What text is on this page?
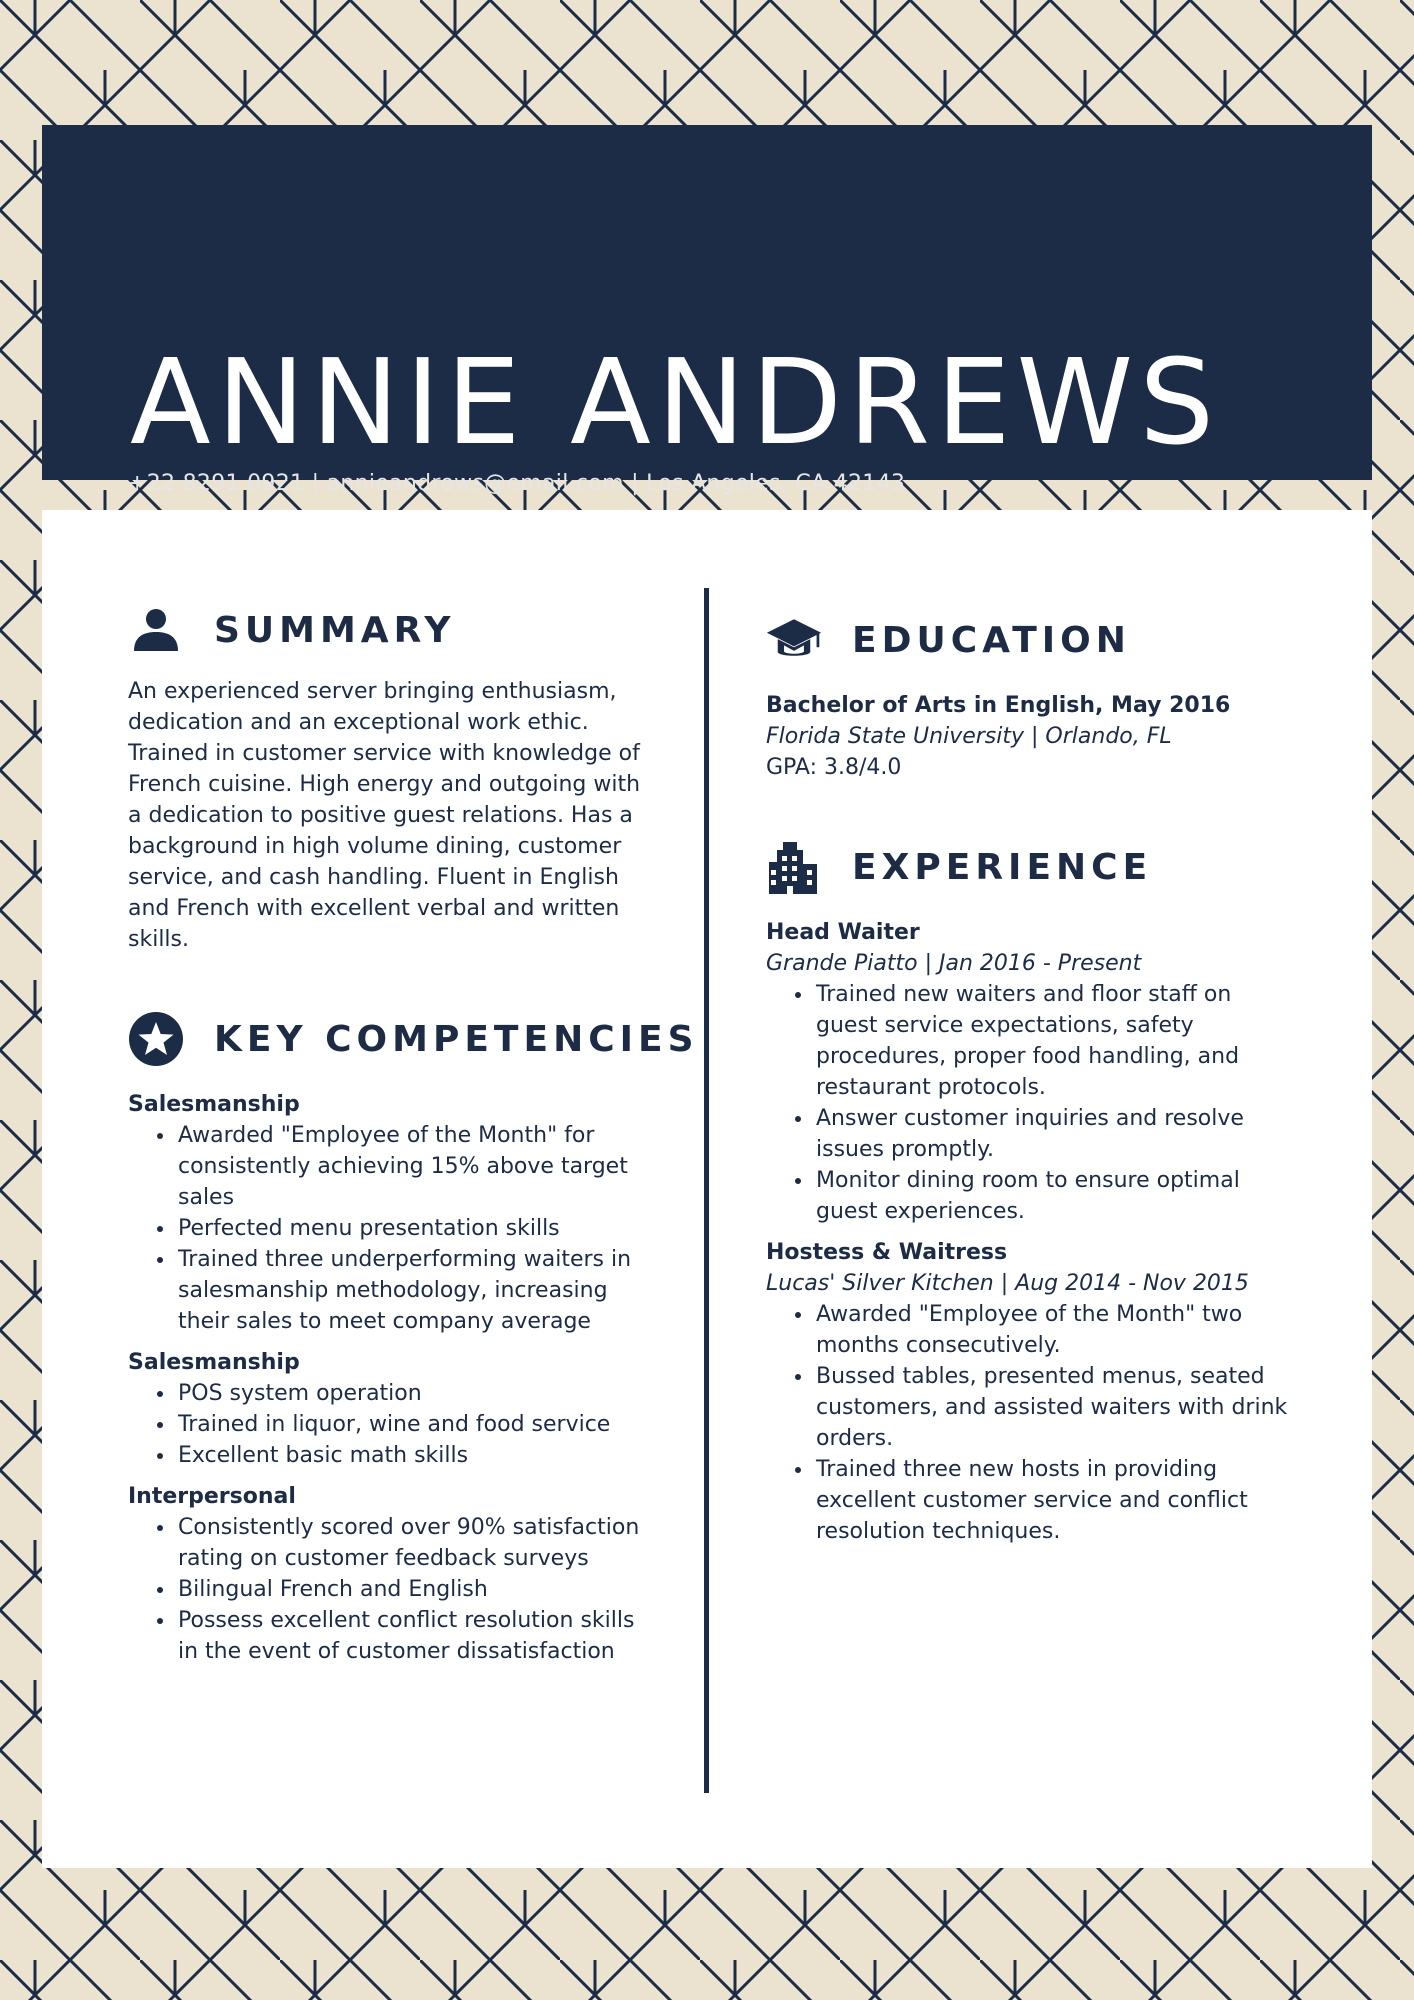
ANNIE ANDREWS
+22 8291 0921 | annieandrews@email.com | Los Angeles, CA 42143
SUMMARY

An experienced server bringing enthusiasm, dedication and an exceptional work ethic. Trained in customer service with knowledge of French cuisine. High energy and outgoing with a dedication to positive guest relations. Has a background in high volume dining, customer service, and cash handling. Fluent in English and French with excellent verbal and written skills.

KEY COMPETENCIES
Salesmanship
• Awarded "Employee of the Month" for consistently achieving 15% above target sales
• Perfected menu presentation skills
• Trained three underperforming waiters in salesmanship methodology, increasing their sales to meet company average
Salesmanship
• POS system operation
• Trained in liquor, wine and food service
• Excellent basic math skills
Interpersonal
• Consistently scored over 90% satisfaction rating on customer feedback surveys
• Bilingual French and English
• Possess excellent conflict resolution skills in the event of customer dissatisfaction
EDUCATION
Bachelor of Arts in English, May 2016
Florida State University | Orlando, FL
GPA: 3.8/4.0
EXPERIENCE
Head Waiter
Grande Piatto | Jan 2016 - Present
• Trained new waiters and floor staff on guest service expectations, safety procedures, proper food handling, and restaurant protocols.
• Answer customer inquiries and resolve issues promptly.
• Monitor dining room to ensure optimal guest experiences.
Hostess & Waitress
Lucas' Silver Kitchen | Aug 2014 - Nov 2015
• Awarded "Employee of the Month" two months consecutively.
• Bussed tables, presented menus, seated customers, and assisted waiters with drink orders.
• Trained three new hosts in providing excellent customer service and conflict resolution techniques.
